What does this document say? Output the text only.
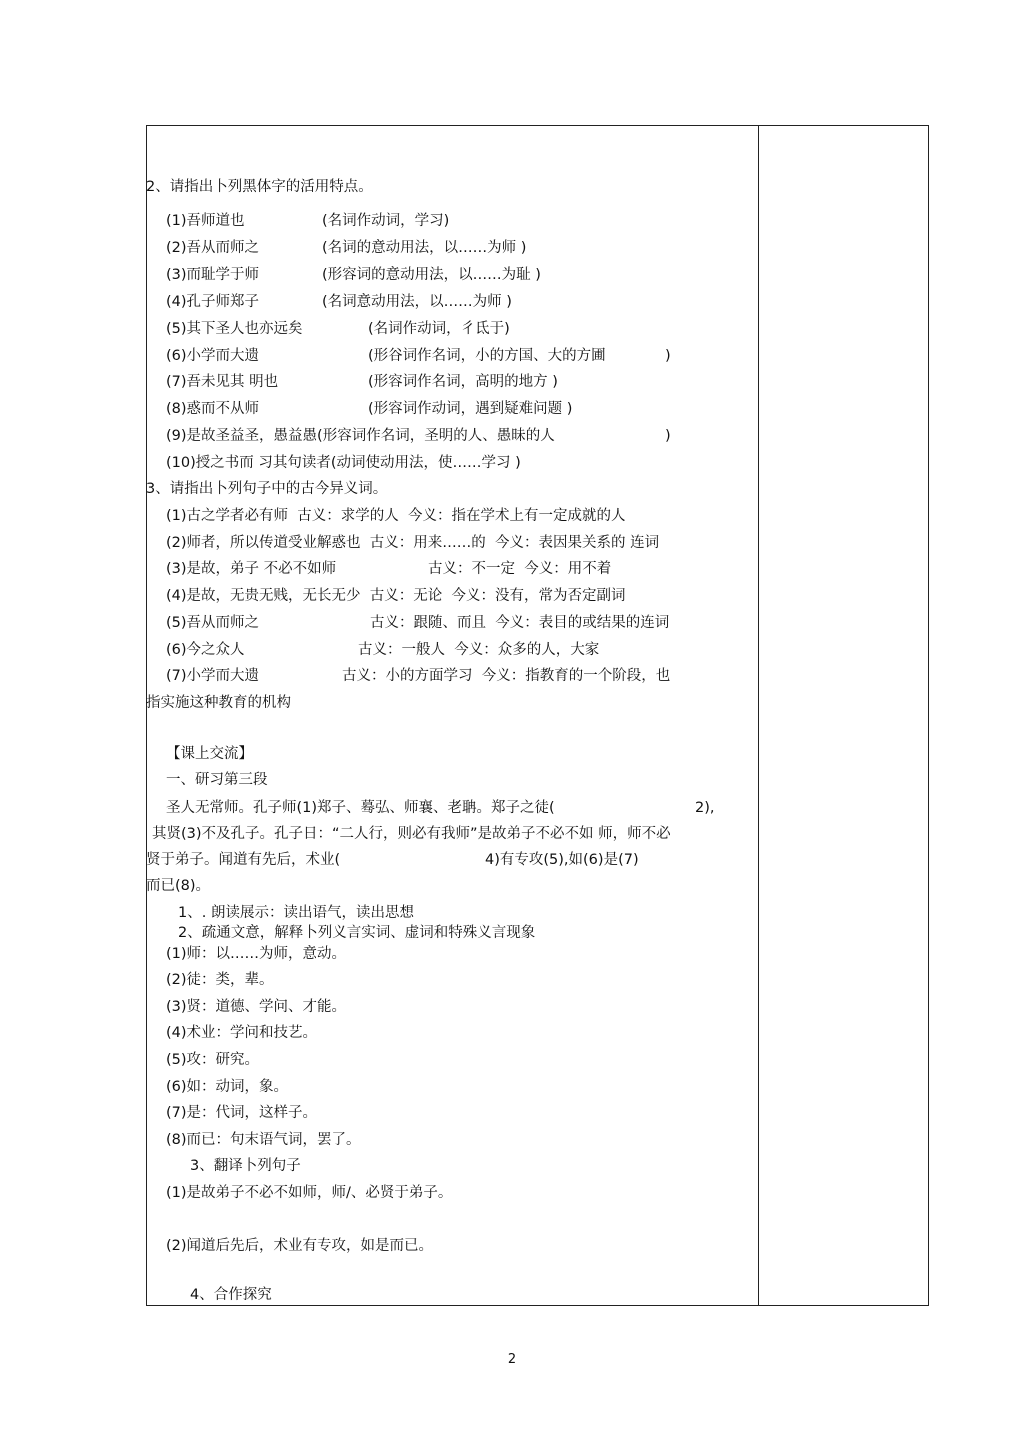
2、请指出卜列黑体字的活用特点。
(1)吾师道也	(名词作动词，学习)
(2)吾从而师之	(名词的意动用法，以……为师 )
(3)而耻学于师	(形容词的意动用法，以……为耻 )
(4)孔子师郑子	(名词意动用法，以……为师 )
(5)其下圣人也亦远矣	(名词作动词，彳氐于)
(6)小学而大遗	(形谷词作名词，小的方国、大的方圃	)
(7)吾未见其 明也	(形容词作名词，高明的地方 )
(8)惑而不从师	(形容词作动词，遇到疑难问题 )
(9)是故圣益圣，愚益愚(形容词作名词，圣明的人、愚昧的人	)
(10)授之书而 习其句读者(动词使动用法，使……学习 )
3、请指出卜列句子中的古今异义词。
(1)古之学者必有师  古义：求学的人  今义：指在学术上有一定成就的人
(2)师者，所以传道受业解惑也  古义：用来……的  今义：表因果关系的 连词
(3)是故，弟子 不必不如师	古义：不一定  今义：用不着
(4)是故，无贵无贱，无长无少  古义：无论  今义：没有，常为否定副词
(5)吾从而师之	古义：跟随、而且  今义：表目的或结果的连词
(6)今之众人	古义：一般人  今义：众多的人，大家
(7)小学而大遗	古义：小的方面学习  今义：指教育的一个阶段，也
指实施这种教育的机构
【课上交流】
一、研习第三段
圣人无常师。孔子师(1)郑子、蓦弘、师襄、老聃。郑子之徒(	2),
其贤(3)不及孔子。孔子日：“二人行，则必有我师”是故弟子不必不如 师，师不必
贤于弟子。闻道有先后，术业(	4)有专攻(5),如(6)是(7)
而已(8)。
1、. 朗读展示：读出语气，读出思想
2、疏通文意，解释卜列义言实词、虚词和特殊义言现象
(1)师：以……为师，意动。
(2)徒：类，辈。
(3)贤：道德、学问、才能。
(4)术业：学问和技艺。
(5)攻：研究。
(6)如：动词，象。
(7)是：代词，这样子。
(8)而已：句末语气词，罢了。
3、翻译卜列句子
(1)是故弟子不必不如师，师/、必贤于弟子。
(2)闻道后先后，术业有专攻，如是而已。
4、合作探究
2
